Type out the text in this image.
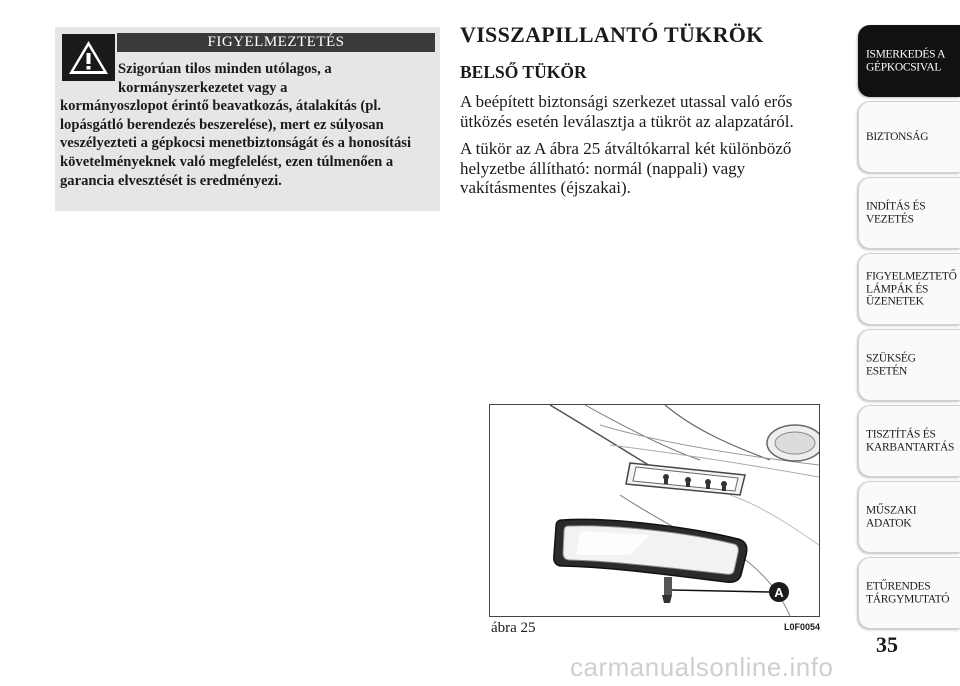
FIGYELMEZTETÉS
Szigorúan tilos minden utólagos, a
kormányszerkezetet vagy a
kormányoszlopot érintő beavatkozás, átalakítás (pl. lopásgátló berendezés beszerelése), mert ez súlyosan veszélyezteti a gépkocsi menetbiztonságát és a honosítási követelményeknek való megfelelést, ezen túlmenően a garancia elvesztését is eredményezi.
VISSZAPILLANTÓ TÜKRÖK
BELSŐ TÜKÖR

A beépített biztonsági szerkezet utassal való erős ütközés esetén leválasztja a tükröt az alapzatáról.

A tükör az A ábra 25 átváltókarral két különböző helyzetbe állítható: normál (nappali) vagy vakításmentes (éjszakai).

A
ábra 25	L0F0054
ISMERKEDÉS A GÉPKOCSIVAL
BIZTONSÁG
INDÍTÁS ÉS VEZETÉS
FIGYELMEZTETŐ LÁMPÁK ÉS ÜZENETEK
SZÜKSÉG ESETÉN
TISZTÍTÁS ÉS KARBANTARTÁS
MŰSZAKI ADATOK
ETŰRENDES TÁRGYMUTATÓ
35
carmanualsonline.info
